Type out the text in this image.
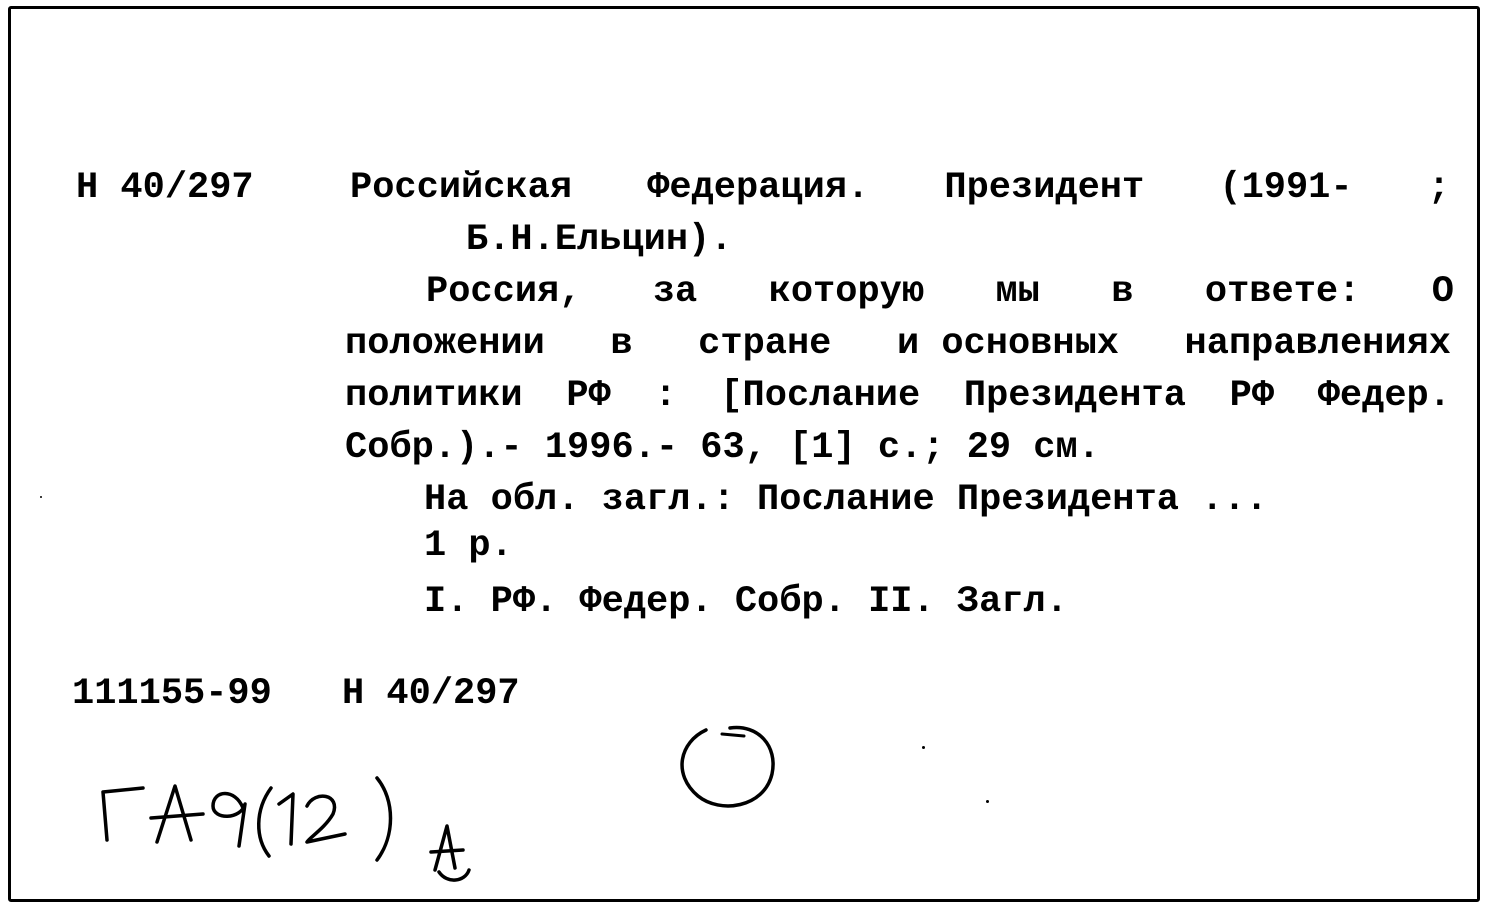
Н 40/297	Российская Федерация. Президент (1991- ;
Б.Н.Ельцин).
Россия, за которую мы в ответе: О
положении в стране и основных направлениях
политики РФ : [Послание Президента РФ Федер.
Собр.).- 1996.- 63, [1] с.; 29 см.
На обл. загл.: Послание Президента ...
1 р.
I. РФ. Федер. Собр. II. Загл.
111155-99 Н 40/297
